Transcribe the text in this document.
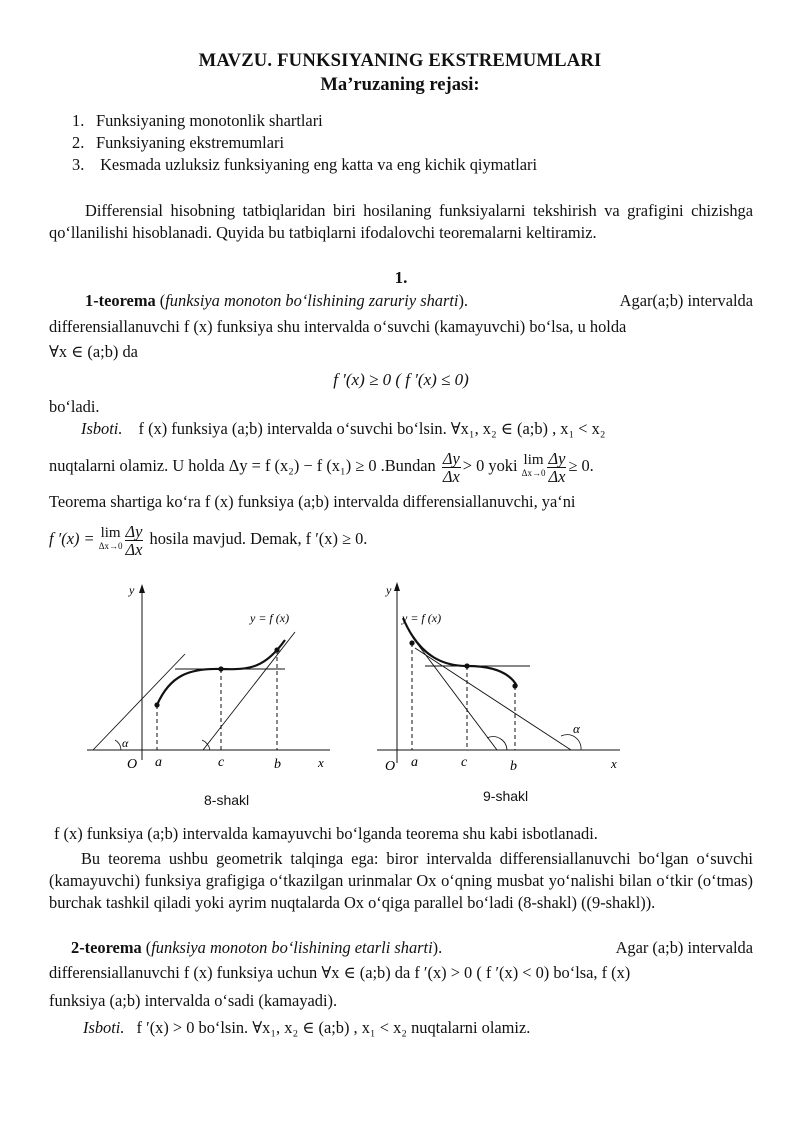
MAVZU. FUNKSIYANING EKSTREMUMLARI
Ma’ruzaning rejasi:
1. Funksiyaning monotonlik shartlari
2. Funksiyaning ekstremumlari
3. Kesmada uzluksiz funksiyaning eng katta va eng kichik qiymatlari
Differensial hisobning tatbiqlaridan biri hosilaning funksiyalarni tekshirish va grafigini chizishga qo‘llanilishi hisoblanadi. Quyida bu tatbiqlarni ifodalovchi teoremalarni keltiramiz.
1.
1-teorema (funksiya monoton bo‘lishining zaruriy sharti).	Agar(a;b) intervalda
differensiallanuvchi f (x) funksiya shu intervalda o‘suvchi (kamayuvchi) bo‘lsa, u holda
∀x ∈ (a;b) da
f ′(x) ≥ 0 ( f ′(x) ≤ 0)
bo‘ladi.
Isboti. f (x) funksiya (a;b) intervalda o‘suvchi bo‘lsin. ∀x₁, x₂ ∈ (a;b) , x₁ < x₂
nuqtalarni olamiz. U holda Δy = f (x₂) − f (x₁) ≥ 0 .Bundan $\frac{\Delta y}{\Delta x} > 0$ yoki lim
$\Delta x\to 0 \frac{\Delta y}{\Delta x} \ge 0$.
Teorema shartiga ko‘ra f (x) funksiya (a;b) intervalda differensiallanuvchi, ya‘ni
f ′(x) = lim
$\Delta x\to 0 \frac{\Delta y}{\Delta x}$ hosila mavjud. Demak, f ′(x) ≥ 0.
y
x
O a	c	b
α
y = f (x)
8-shakl
y
x
O a	c	b
α
y = f (x)
9-shakl
f (x) funksiya (a;b) intervalda kamayuvchi bo‘lganda teorema shu kabi isbotlanadi.
Bu teorema ushbu geometrik talqinga ega: biror intervalda differensiallanuvchi bo‘lgan o‘suvchi (kamayuvchi) funksiya grafigiga o‘tkazilgan urinmalar Ox o‘qning musbat yo‘nalishi bilan o‘tkir (o‘tmas) burchak tashkil qiladi yoki ayrim nuqtalarda Ox o‘qiga parallel bo‘ladi (8-shakl) ((9-shakl)).
2-teorema (funksiya monoton bo‘lishining etarli sharti).	Agar (a;b) intervalda
differensiallanuvchi f (x) funksiya uchun ∀x ∈ (a;b) da f ′(x) > 0 ( f ′(x) < 0) bo‘lsa, f (x)
funksiya (a;b) intervalda o‘sadi (kamayadi).
Isboti. f ′(x) > 0 bo‘lsin. ∀x₁, x₂ ∈ (a;b) , x₁ < x₂ nuqtalarni olamiz.
